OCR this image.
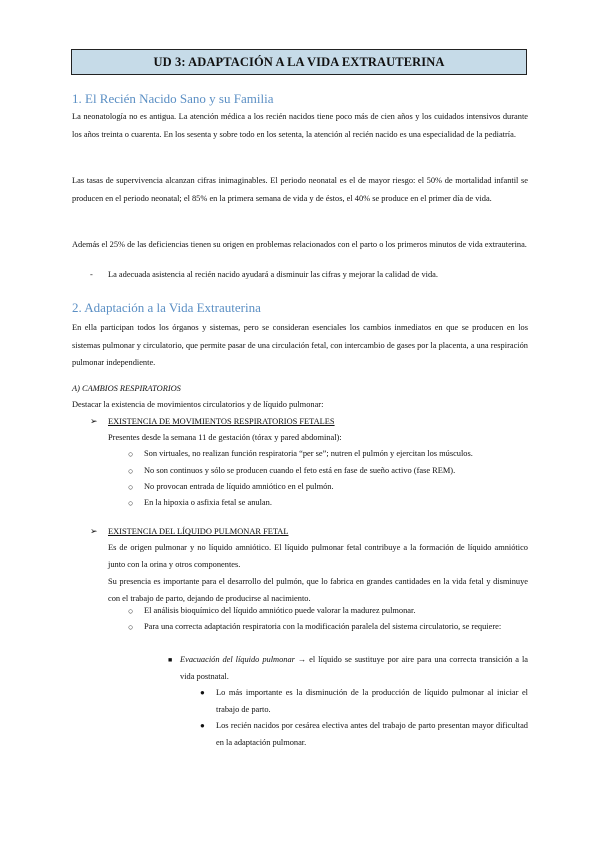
UD 3: ADAPTACIÓN A LA VIDA EXTRAUTERINA
1. El Recién Nacido Sano y su Familia

La neonatología no es antigua. La atención médica a los recién nacidos tiene poco más de cien años y los cuidados intensivos durante los años treinta o cuarenta. En los sesenta y sobre todo en los setenta, la atención al recién nacido es una especialidad de la pediatría.

Las tasas de supervivencia alcanzan cifras inimaginables. El periodo neonatal es el de mayor riesgo: el 50% de mortalidad infantil se producen en el periodo neonatal; el 85% en la primera semana de vida y de éstos, el 40% se produce en el primer día de vida.

Además el 25% de las deficiencias tienen su origen en problemas relacionados con el parto o los primeros minutos de vida extrauterina.

- La adecuada asistencia al recién nacido ayudará a disminuir las cifras y mejorar la calidad de vida.
2. Adaptación a la Vida Extrauterina

En ella participan todos los órganos y sistemas, pero se consideran esenciales los cambios inmediatos en que se producen en los sistemas pulmonar y circulatorio, que permite pasar de una circulación fetal, con intercambio de gases por la placenta, a una respiración pulmonar independiente.

A) CAMBIOS RESPIRATORIOS
Destacar la existencia de movimientos circulatorios y de líquido pulmonar:
➢ EXISTENCIA DE MOVIMIENTOS RESPIRATORIOS FETALES
Presentes desde la semana 11 de gestación (tórax y pared abdominal):
○ Son virtuales, no realizan función respiratoria “per se”; nutren el pulmón y ejercitan los músculos.
○ No son continuos y sólo se producen cuando el feto está en fase de sueño activo (fase REM).
○ No provocan entrada de líquido amniótico en el pulmón.
○ En la hipoxia o asfixia fetal se anulan.
➢ EXISTENCIA DEL LÍQUIDO PULMONAR FETAL

Es de origen pulmonar y no líquido amniótico. El líquido pulmonar fetal contribuye a la formación de líquido amniótico junto con la orina y otros componentes.

Su presencia es importante para el desarrollo del pulmón, que lo fabrica en grandes cantidades en la vida fetal y disminuye con el trabajo de parto, dejando de producirse al nacimiento.

○ El análisis bioquímico del líquido amniótico puede valorar la madurez pulmonar.
○ Para una correcta adaptación respiratoria con la modificación paralela del sistema circulatorio, se requiere:

■ Evacuación del líquido pulmonar → el líquido se sustituye por aire para una correcta transición a la vida postnatal.

● Lo más importante es la disminución de la producción de líquido pulmonar al iniciar el trabajo de parto.

● Los recién nacidos por cesárea electiva antes del trabajo de parto presentan mayor dificultad en la adaptación pulmonar.
